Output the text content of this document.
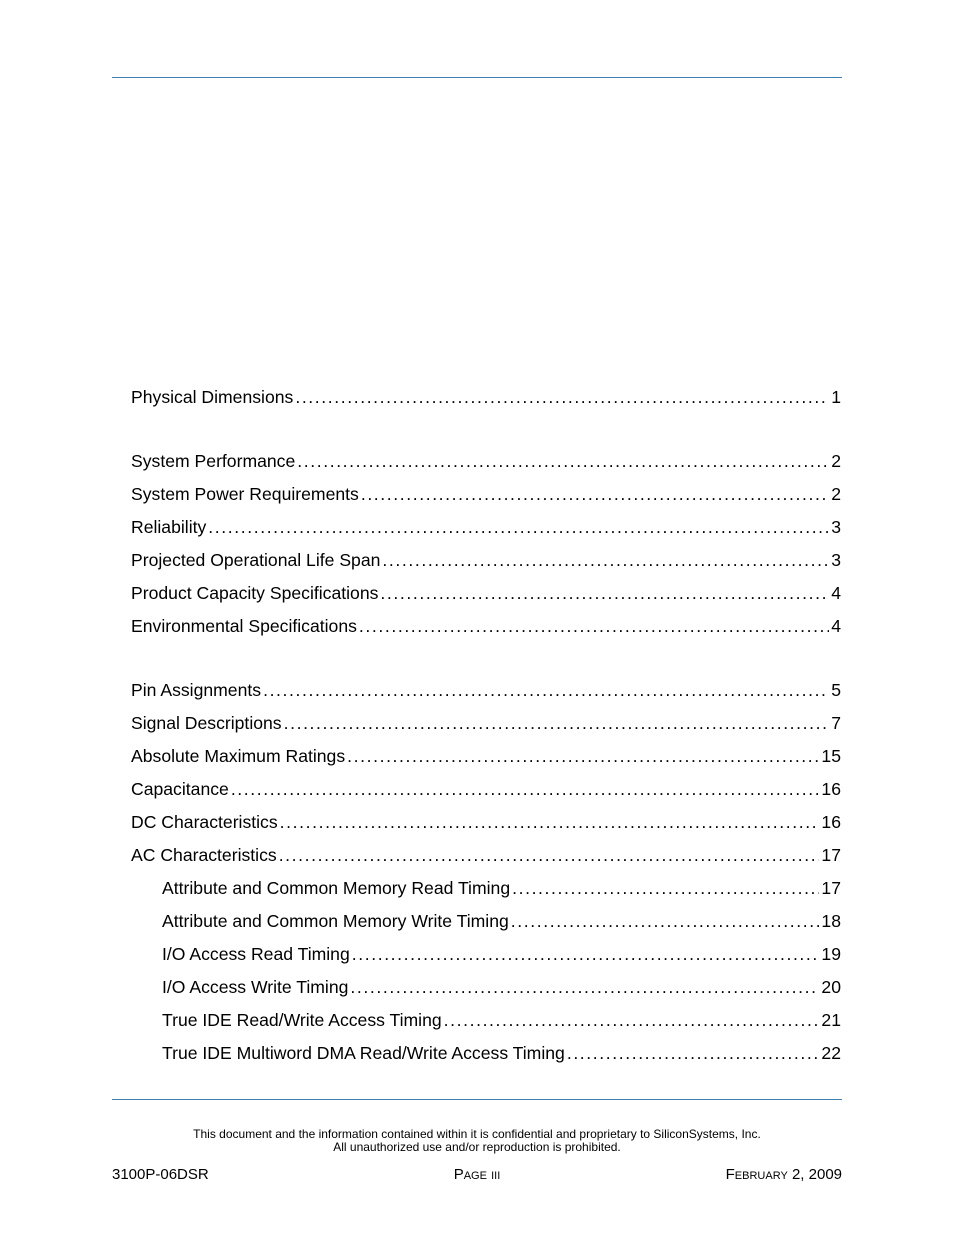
Physical Dimensions .....	1
System Performance .....	2
System Power Requirements .....	2
Reliability .....	3
Projected Operational Life Span .....	3
Product Capacity Specifications .....	4
Environmental Specifications .....	4
Pin Assignments .....	5
Signal Descriptions .....	7
Absolute Maximum Ratings .....	15
Capacitance .....	16
DC Characteristics .....	16
AC Characteristics .....	17
Attribute and Common Memory Read Timing .....	17
Attribute and Common Memory Write Timing .....	18
I/O Access Read Timing .....	19
I/O Access Write Timing .....	20
True IDE Read/Write Access Timing .....	21
True IDE Multiword DMA Read/Write Access Timing .....	22
This document and the information contained within it is confidential and proprietary to SiliconSystems, Inc.
All unauthorized use and/or reproduction is prohibited.
3100P-06DSR	Page iii	February 2, 2009
